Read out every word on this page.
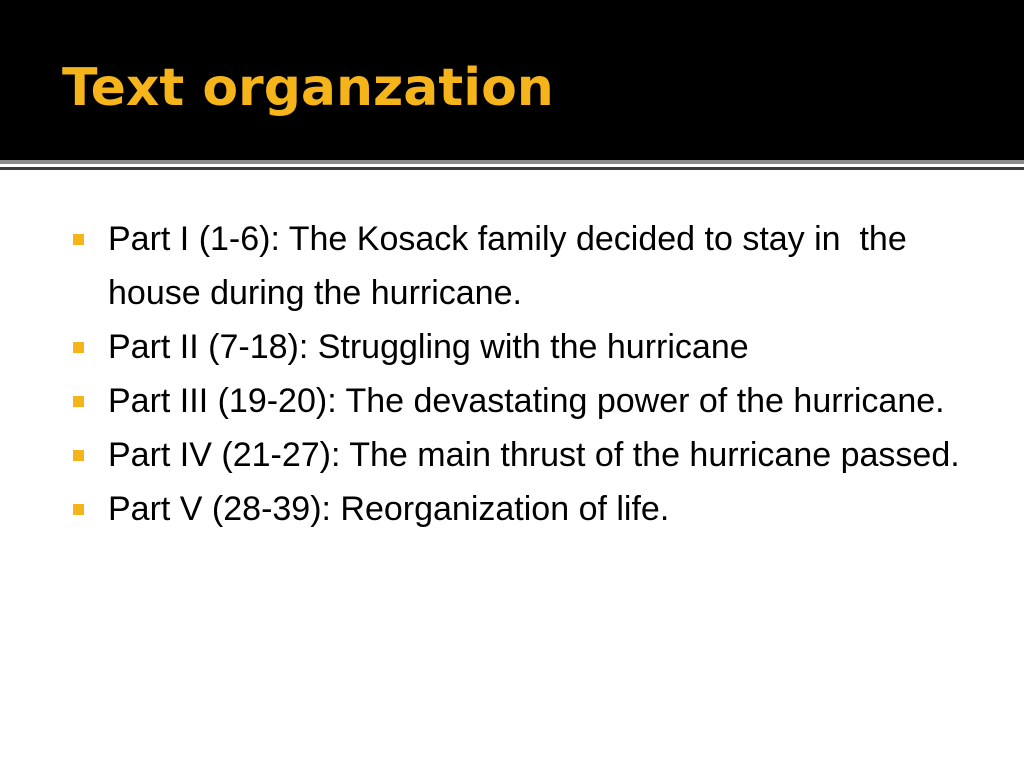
Text organzation
Part I (1-6): The Kosack family decided to stay in  the house during the hurricane.
Part II (7-18): Struggling with the hurricane
Part III (19-20): The devastating power of the hurricane.
Part IV (21-27): The main thrust of the hurricane passed.
Part V (28-39): Reorganization of life.
